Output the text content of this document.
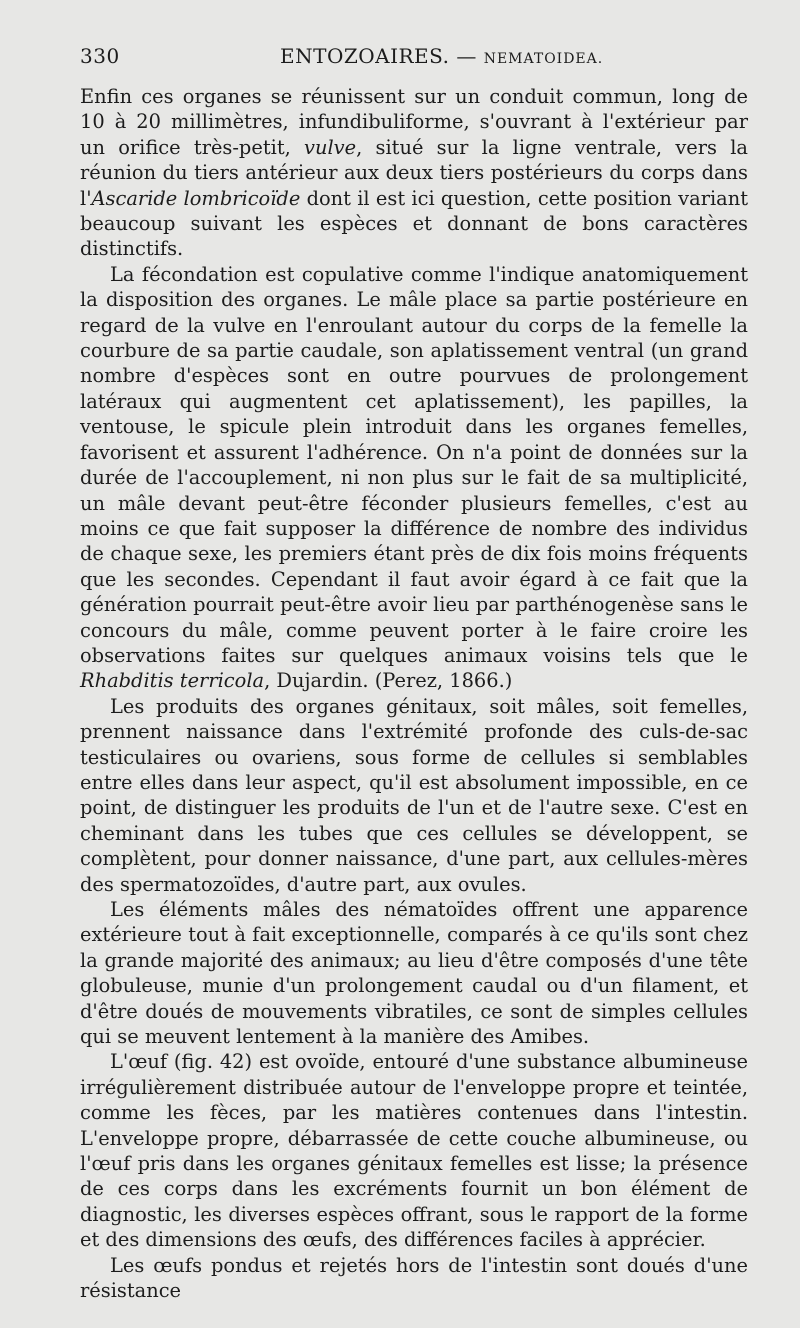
330	ENTOZOAIRES. — NEMATOIDEA.

Enfin ces organes se réunissent sur un conduit commun, long de 10 à 20 millimètres, infundibuliforme, s'ouvrant à l'extérieur par un orifice très-petit, vulve, situé sur la ligne ventrale, vers la réunion du tiers antérieur aux deux tiers postérieurs du corps dans l'Ascaride lombricoïde dont il est ici question, cette position variant beaucoup suivant les espèces et donnant de bons caractères distinctifs.

La fécondation est copulative comme l'indique anatomiquement la disposition des organes. Le mâle place sa partie postérieure en regard de la vulve en l'enroulant autour du corps de la femelle la courbure de sa partie caudale, son aplatissement ventral (un grand nombre d'espèces sont en outre pourvues de prolongement latéraux qui augmentent cet aplatissement), les papilles, la ventouse, le spicule plein introduit dans les organes femelles, favorisent et assurent l'adhérence. On n'a point de données sur la durée de l'accouplement, ni non plus sur le fait de sa multiplicité, un mâle devant peut-être féconder plusieurs femelles, c'est au moins ce que fait supposer la différence de nombre des individus de chaque sexe, les premiers étant près de dix fois moins fréquents que les secondes. Cependant il faut avoir égard à ce fait que la génération pourrait peut-être avoir lieu par parthénogenèse sans le concours du mâle, comme peuvent porter à le faire croire les observations faites sur quelques animaux voisins tels que le Rhabditis terricola, Dujardin. (Perez, 1866.)

Les produits des organes génitaux, soit mâles, soit femelles, prennent naissance dans l'extrémité profonde des culs-de-sac testiculaires ou ovariens, sous forme de cellules si semblables entre elles dans leur aspect, qu'il est absolument impossible, en ce point, de distinguer les produits de l'un et de l'autre sexe. C'est en cheminant dans les tubes que ces cellules se développent, se complètent, pour donner naissance, d'une part, aux cellules-mères des spermatozoïdes, d'autre part, aux ovules.

Les éléments mâles des nématoïdes offrent une apparence extérieure tout à fait exceptionnelle, comparés à ce qu'ils sont chez la grande majorité des animaux; au lieu d'être composés d'une tête globuleuse, munie d'un prolongement caudal ou d'un filament, et d'être doués de mouvements vibratiles, ce sont de simples cellules qui se meuvent lentement à la manière des Amibes.

L'œuf (fig. 42) est ovoïde, entouré d'une substance albumineuse irrégulièrement distribuée autour de l'enveloppe propre et teintée, comme les fèces, par les matières contenues dans l'intestin. L'enveloppe propre, débarrassée de cette couche albumineuse, ou l'œuf pris dans les organes génitaux femelles est lisse; la présence de ces corps dans les excréments fournit un bon élément de diagnostic, les diverses espèces offrant, sous le rapport de la forme et des dimensions des œufs, des différences faciles à apprécier.

Les œufs pondus et rejetés hors de l'intestin sont doués d'une résistance
